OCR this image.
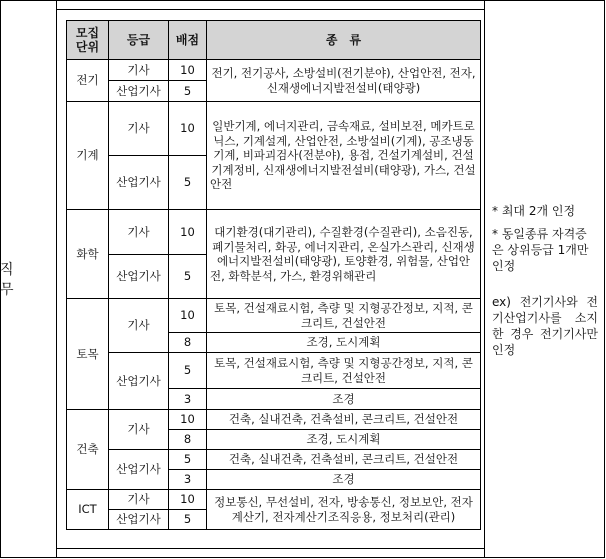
직 무
모집
단위	등급	배점	종　류
전기	기사	10	전기, 전기공사, 소방설비(전기분야), 산업안전, 전자, 신재생에너지발전설비(태양광)
	산업기사	5	
기계	기사	10	일반기계, 에너지관리, 금속재료, 설비보전, 메카트로닉스, 기계설계, 산업안전, 소방설비(기계), 공조냉동기계, 비파괴검사(전분야), 용접, 건설기계설비, 건설기계정비, 신재생에너지발전설비(태양광), 가스, 건설안전
	산업기사	5	
화학	기사	10	대기환경(대기관리), 수질환경(수질관리), 소음진동, 폐기물처리, 화공, 에너지관리, 온실가스관리, 신재생에너지발전설비(태양광), 토양환경, 위험물, 산업안전, 화학분석, 가스, 환경위해관리
	산업기사	5	
토목	기사	10	토목, 건설재료시험, 측량 및 지형공간정보, 지적, 콘크리트, 건설안전
		8	조경, 도시계획
	산업기사	5	토목, 건설재료시험, 측량 및 지형공간정보, 지적, 콘크리트, 건설안전
		3	조경
건축	기사	10	건축, 실내건축, 건축설비, 콘크리트, 건설안전
		8	조경, 도시계획
	산업기사	5	건축, 실내건축, 건축설비, 콘크리트, 건설안전
		3	조경
ICT	기사	10	정보통신, 무선설비, 전자, 방송통신, 정보보안, 전자계산기, 전자계산기조직응용, 정보처리(관리)
	산업기사	5	
* 최대 2개 인정
* 동일종류 자격증은 상위등급 1개만 인정
ex) 전기기사와 전기산업기사를 소지한 경우 전기기사만 인정
